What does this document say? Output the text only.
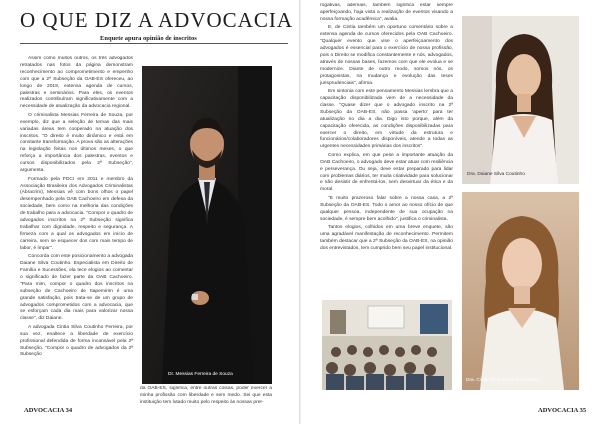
O QUE DIZ A ADVOCACIA
Enquete apura opinião de inscritos

Assim como muitos outros, os três advogados retratados nas fotos da página demonstram reconhecimento ao comprometimento e empenho com que a 2ª Subseção da OAB-ES ofereceu, ao longo de 2019, extensa agenda de cursos, palestras e seminários. Para eles, os eventos realizados contribuíram significativamente com a necessidade de atualização da advocacia regional.

O criminalista Messias Ferreira de Souza, por exemplo, diz que a seleção de temas das mais variadas áreas tem cooperado na atuação dos inscritos. "O direito é muito dinâmico e está em constante transformação. A prova são as alterações na legislação feitas nos últimos meses, o que reforça a importância dos palestras, eventos e cursos disponibilizados pela 2ª Subseção", argumenta.

Formado pela FDCI em 2011 e membro da Associação Brasileira dos Advogados Criminalistas (Abracrim), Messias vê com bons olhos o papel desempenhado pela OAB Cachoeiro em defesa da sociedade, bem como na melhoria das condições de trabalho para a advocacia. "Compor o quadro de advogados inscritos na 2ª Subseção significa trabalhar com dignidade, respeito e segurança. A firmeza com a qual os advogados em início de carreira, sem se esquecer dos com mais tempo de labor, é ímpar".

Concorda com este posicionamento a advogada Daiane Silva Coutinho. Especialista em Direito de Família e Sucessões, ela tece elogios ao comentar o significado de fazer parte da OAB Cachoeiro. "Para mim, compor o quadro dos inscritos na subseção de Cachoeiro de Itapemirim é uma grande satisfação, pois trata-se de um grupo de advogados comprometidos com a advocacia, que se esforçam cada dia mais para valorizar nossa classe", diz Daiane.

A advogada Cintia Silva Coutinho Ferreira, por sua vez, enaltece a liberdade de exercício profissional defendida de forma incansável pela 2ª Subseção. "Compor o quadro de advogados da 2ª Subseção

Dr. Messias Ferreira de Souza
ADVOCACIA 34

da OAB-ES, significa, entre outras coisas, poder exercer a minha profissão com liberdade e sem medo. Sei que esta instituição tem lutado muito pelo respeito às nossas prer-

rogativas, ademais, também significa estar sempre aperfeiçoando, haja vista a realização de eventos visando a nossa formação acadêmica", avalia.

E, de Cintia também um oportuno comentário sobre a extensa agenda de cursos oferecidos pela OAB Cachoeiro. "Qualquer evento que vise o aperfeiçoamento dos advogados é essencial para o exercício de nossa profissão, pois o Direito se modifica constantemente e nós, advogados, através de nossas bases, fazemos com que ele evolua e se modernize. Diante de outro modo, somos nós, os protagonistas, na mudança e evolução das teses jurisprudenciais", afirma.

Em sintonia com este pensamento Messias lembra que a capacitação disponibilizada vem de a necessidade da classe. "Quase dizer que o advogado inscrito na 2ª Subseção da OAB-ES, não passa 'aperto' para ter atualização no dia a dia. Digo isto porque, além da capacitação oferecida, as condições disponibilizadas para exercer o direito, em virtude da estrutura e funcionários/colaboradores disponíveis, atende a todas as urgentes necessidades primárias dos inscritos".

Como explica, em que pese a importante atuação da OAB Cachoeiro, o advogado deve estar atuar com resiliência e perseverança. Ou seja, deve estar preparado para lidar com problemas diários, ter muita criatividade para solucionar e não desistir de enfrentá-los, sem desvirtuar da ética e da moral.

"E muito prazeroso falar sobre a nossa casa, a 2ª Subseção da OAB-ES. Todo o amor ao nosso ofício de que qualquer pessoa, independente de sua ocupação na sociedade, é sempre bem acolhido", justifica o criminalista.

Tantos elogios, colhidos em uma breve enquete, são uma agradável manifestação de reconhecimento. Permitem também destacar que a 2ª Subseção da OAB-ES, na opinião dos entrevistados, tem cumprido bem seu papel institucional.

Dra. Daiane Silva Coutinho
Dra. Cintia Silva Coutinho Ferreira
ADVOCACIA 35
